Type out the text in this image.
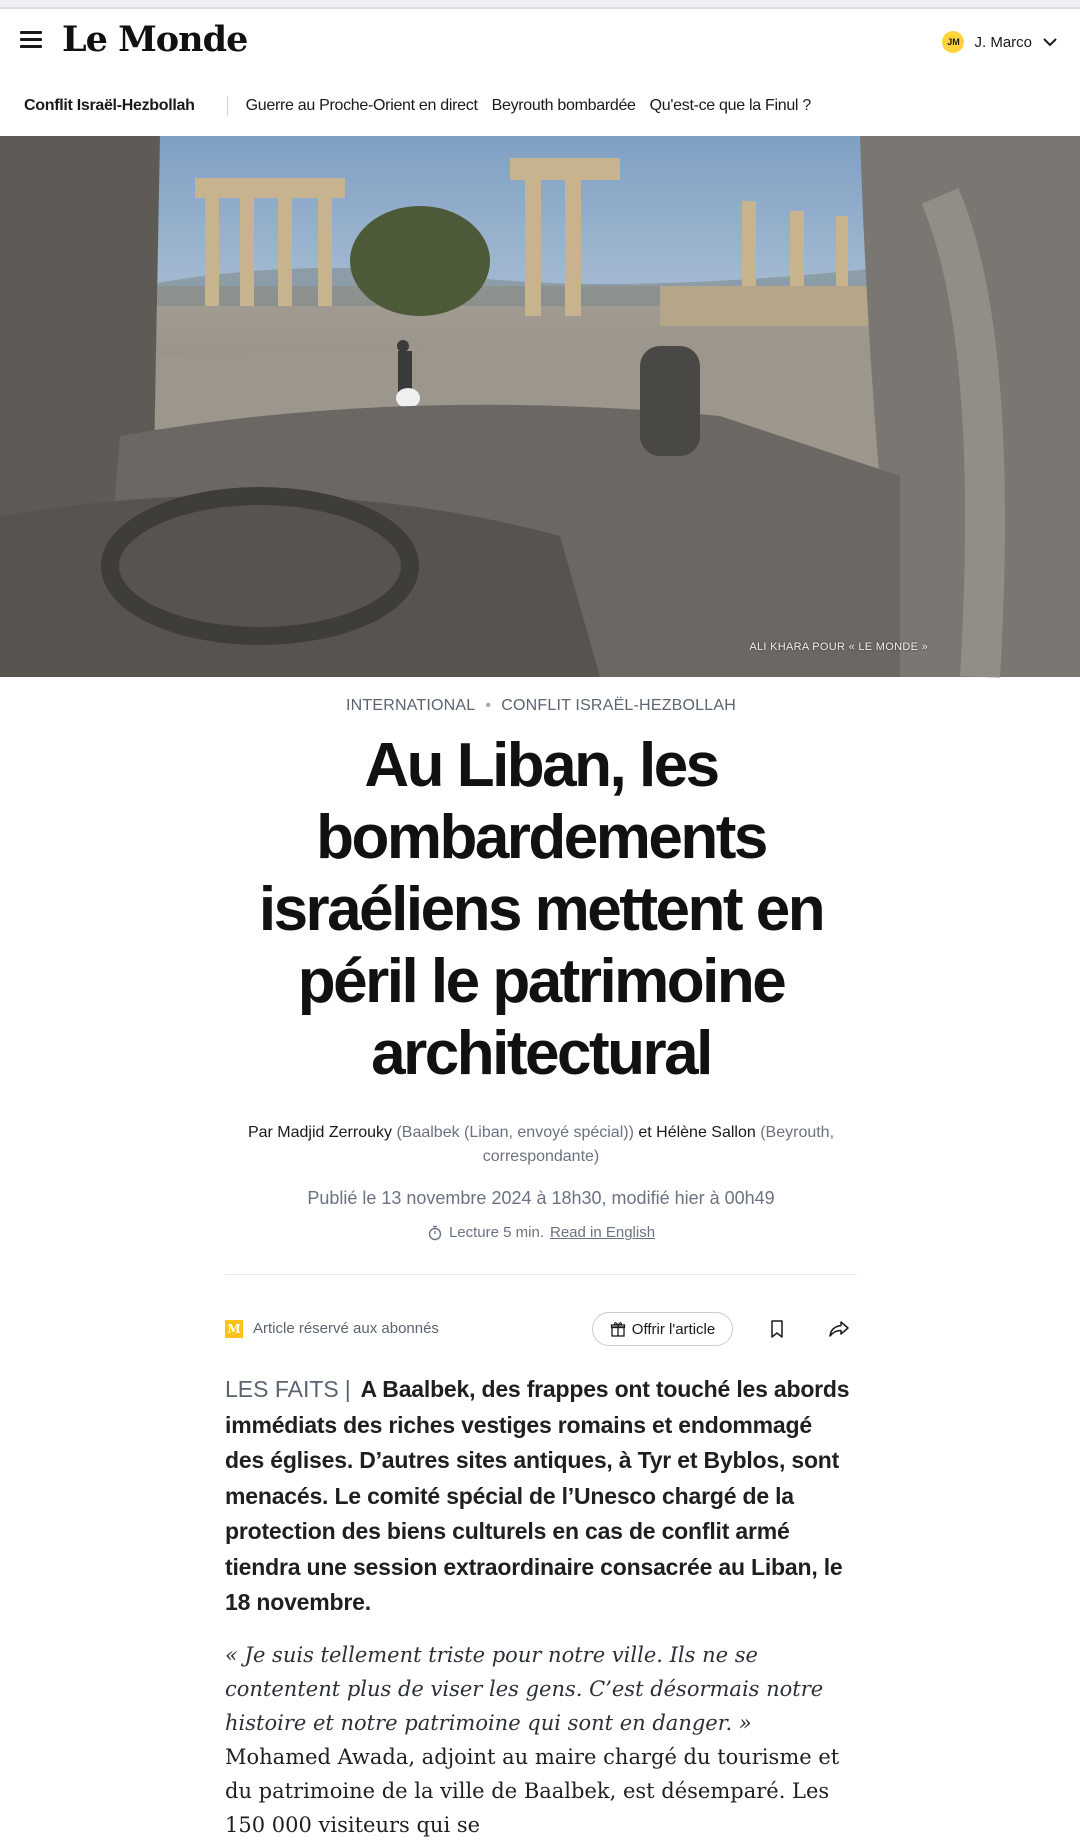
Le Monde	JM J. Marco
Conflit Israël-Hezbollah	Guerre au Proche-Orient en direct Beyrouth bombardée Qu'est-ce que la Finul ?
ALI KHARA POUR « LE MONDE »
INTERNATIONAL • CONFLIT ISRAËL-HEZBOLLAH
Au Liban, les bombardements israéliens mettent en péril le patrimoine architectural
Par Madjid Zerrouky (Baalbek (Liban, envoyé spécial)) et Hélène Sallon (Beyrouth, correspondante)
Publié le 13 novembre 2024 à 18h30, modifié hier à 00h49
Lecture 5 min. Read in English
M Article réservé aux abonnés	Offrir l'article

LES FAITS | A Baalbek, des frappes ont touché les abords immédiats des riches vestiges romains et endommagé des églises. D’autres sites antiques, à Tyr et Byblos, sont menacés. Le comité spécial de l’Unesco chargé de la protection des biens culturels en cas de conflit armé tiendra une session extraordinaire consacrée au Liban, le 18 novembre.

« Je suis tellement triste pour notre ville. Ils ne se contentent plus de viser les gens. C’est désormais notre histoire et notre patrimoine qui sont en danger. » Mohamed Awada, adjoint au maire chargé du tourisme et du patrimoine de la ville de Baalbek, est désemparé. Les 150 000 visiteurs qui se
